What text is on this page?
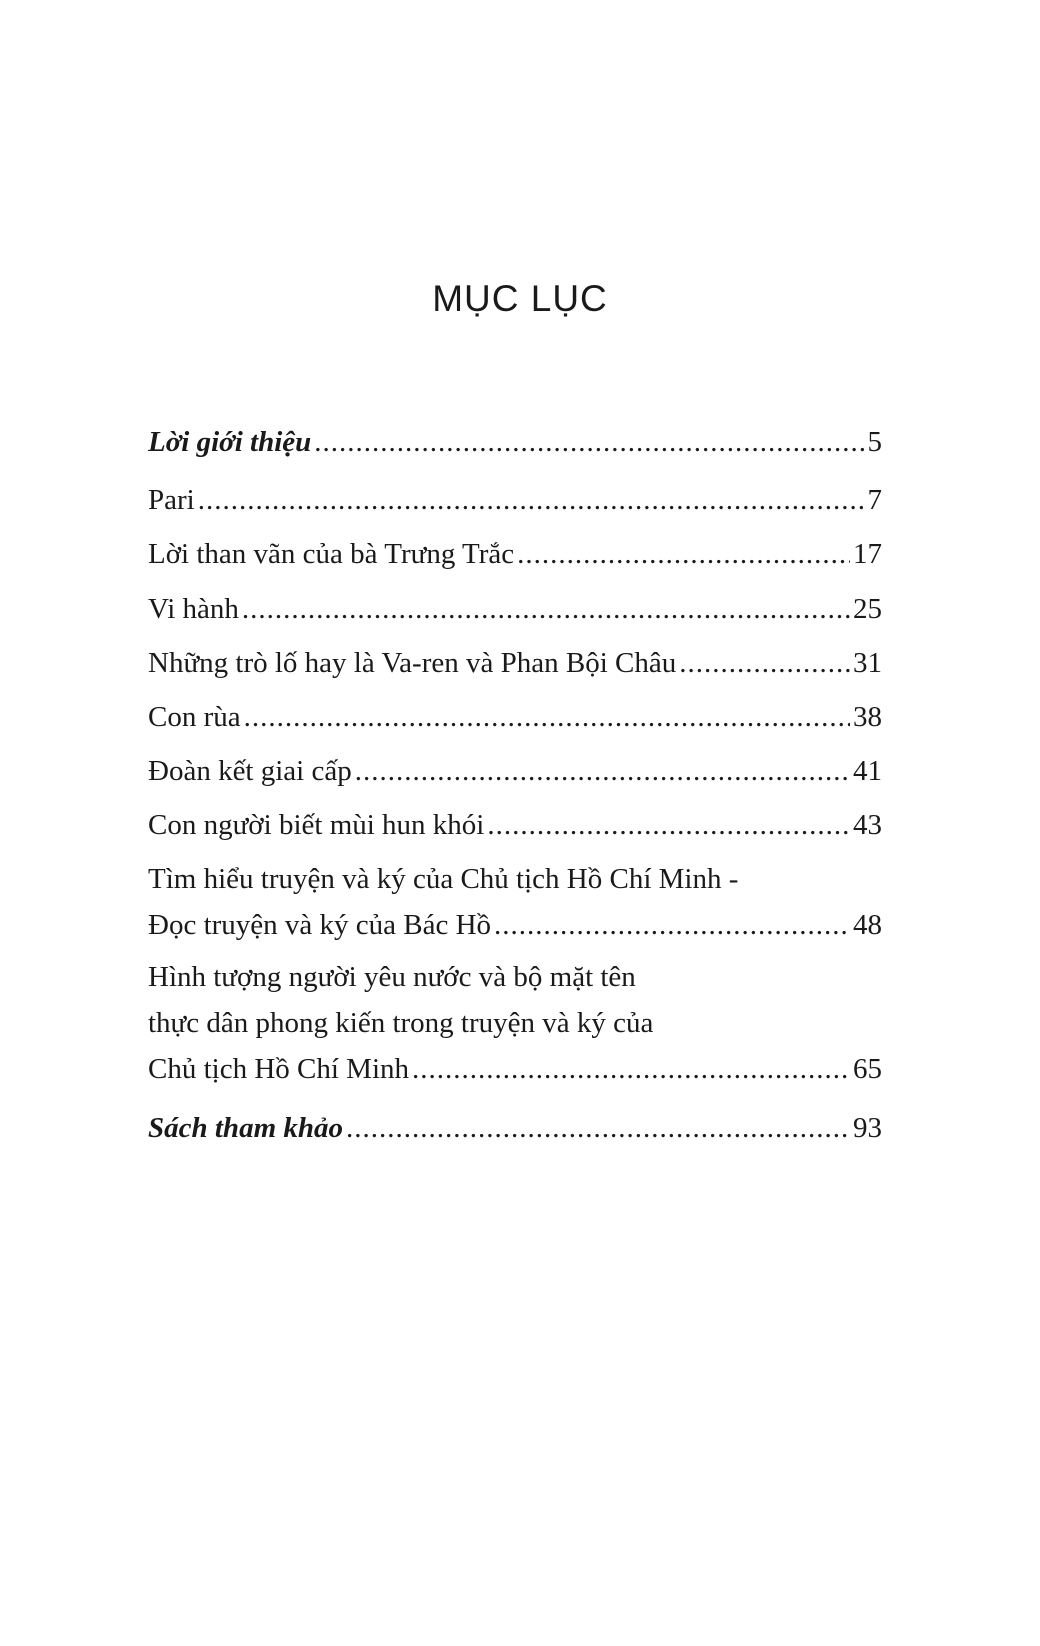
MỤC LỤC
Lời giới thiệu .....	5
Pari .....	7
Lời than vãn của bà Trưng Trắc .....	17
Vi hành .....	25
Những trò lố hay là Va-ren và Phan Bội Châu .....	31
Con rùa .....	38
Đoàn kết giai cấp .....	41
Con người biết mùi hun khói .....	43
Tìm hiểu truyện và ký của Chủ tịch Hồ Chí Minh -
Đọc truyện và ký của Bác Hồ .....	48
Hình tượng người yêu nước và bộ mặt tên
thực dân phong kiến trong truyện và ký của
Chủ tịch Hồ Chí Minh .....	65
Sách tham khảo .....	93
